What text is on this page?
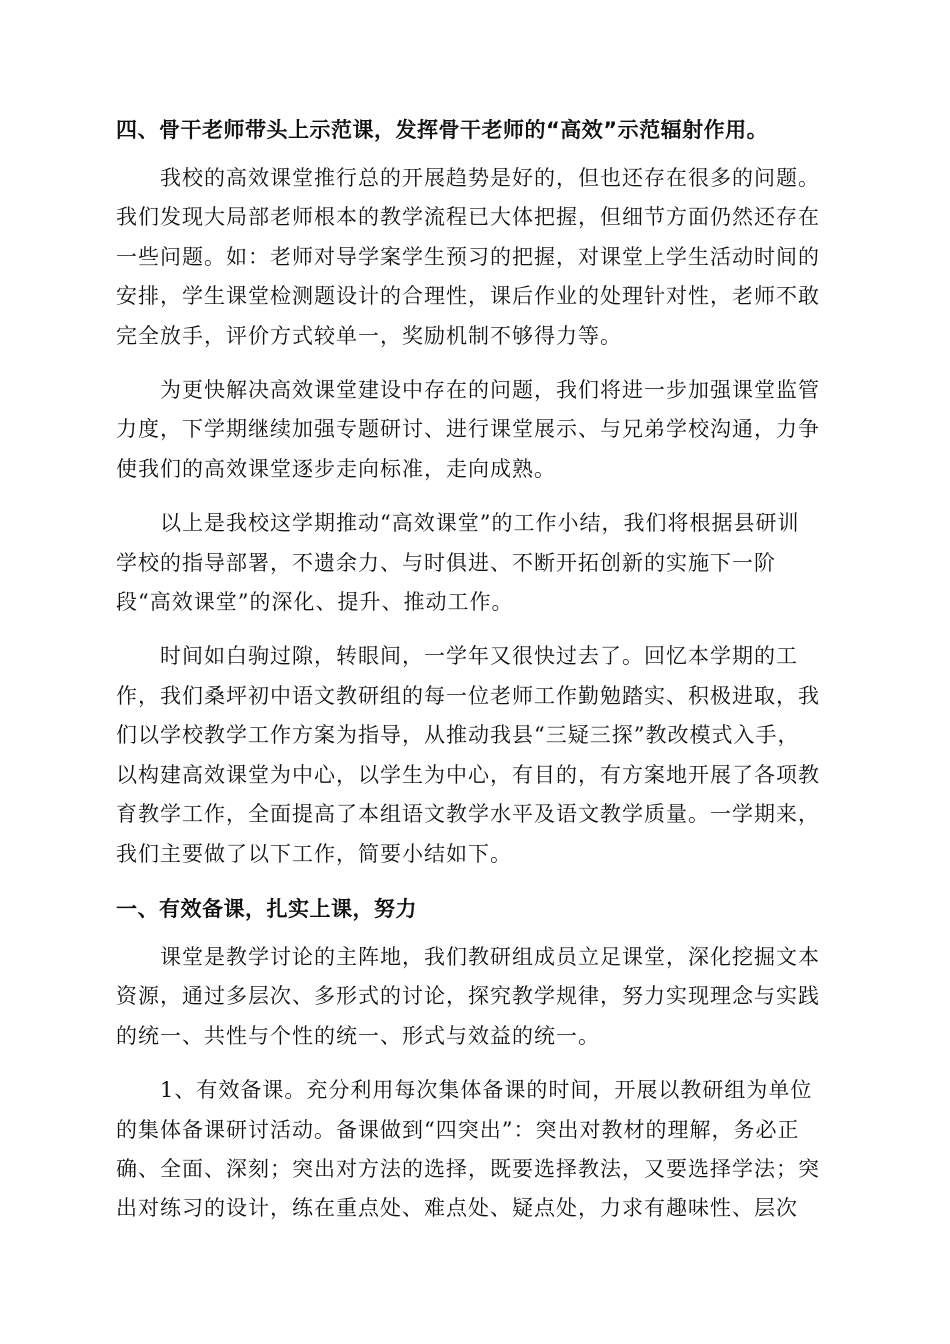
四、骨干老师带头上示范课，发挥骨干老师的“高效”示范辐射作用。
我校的高效课堂推行总的开展趋势是好的，但也还存在很多的问题。
我们发现大局部老师根本的教学流程已大体把握，但细节方面仍然还存在
一些问题。如：老师对导学案学生预习的把握，对课堂上学生活动时间的
安排，学生课堂检测题设计的合理性，课后作业的处理针对性，老师不敢
完全放手，评价方式较单一，奖励机制不够得力等。
为更快解决高效课堂建设中存在的问题，我们将进一步加强课堂监管
力度，下学期继续加强专题研讨、进行课堂展示、与兄弟学校沟通，力争
使我们的高效课堂逐步走向标准，走向成熟。
以上是我校这学期推动“高效课堂”的工作小结，我们将根据县研训
学校的指导部署，不遗余力、与时俱进、不断开拓创新的实施下一阶
段“高效课堂”的深化、提升、推动工作。
时间如白驹过隙，转眼间，一学年又很快过去了。回忆本学期的工
作，我们桑坪初中语文教研组的每一位老师工作勤勉踏实、积极进取，我
们以学校教学工作方案为指导，从推动我县“三疑三探”教改模式入手，
以构建高效课堂为中心，以学生为中心，有目的，有方案地开展了各项教
育教学工作，全面提高了本组语文教学水平及语文教学质量。一学期来，
我们主要做了以下工作，简要小结如下。
一、有效备课，扎实上课，努力
课堂是教学讨论的主阵地，我们教研组成员立足课堂，深化挖掘文本
资源，通过多层次、多形式的讨论，探究教学规律，努力实现理念与实践
的统一、共性与个性的统一、形式与效益的统一。
1、有效备课。充分利用每次集体备课的时间，开展以教研组为单位
的集体备课研讨活动。备课做到“四突出”：突出对教材的理解，务必正
确、全面、深刻；突出对方法的选择，既要选择教法，又要选择学法；突
出对练习的设计，练在重点处、难点处、疑点处，力求有趣味性、层次
